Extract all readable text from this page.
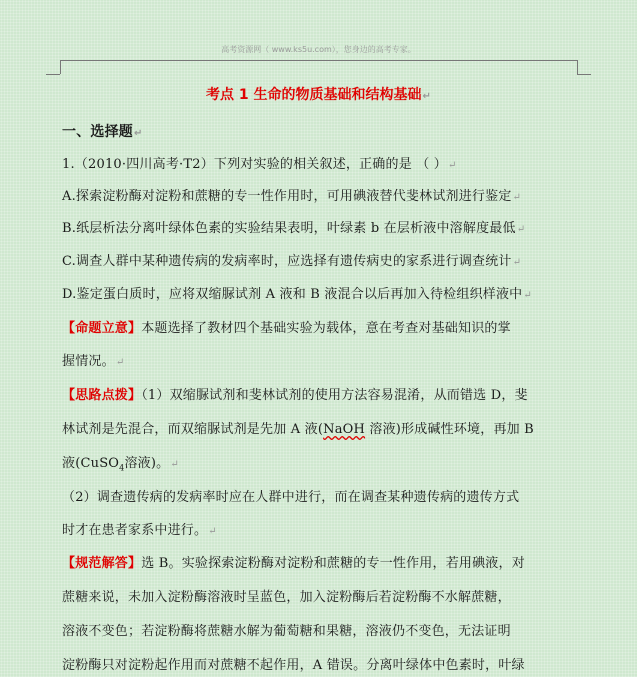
高考资源网（ www.ks5u.com），您身边的高考专家。
考点 1 生命的物质基础和结构基础↵
一、选择题↵
1.（2010·四川高考·T2）下列对实验的相关叙述，正确的是 （ ）↵
A.探索淀粉酶对淀粉和蔗糖的专一性作用时，可用碘液替代斐林试剂进行鉴定↵
B.纸层析法分离叶绿体色素的实验结果表明，叶绿素 b 在层析液中溶解度最低↵
C.调查人群中某种遗传病的发病率时，应选择有遗传病史的家系进行调查统计↵
D.鉴定蛋白质时，应将双缩脲试剂 A 液和 B 液混合以后再加入待检组织样液中↵
【命题立意】本题选择了教材四个基础实验为载体，意在考查对基础知识的掌
握情况。↵
【思路点拨】（1）双缩脲试剂和斐林试剂的使用方法容易混淆，从而错选 D，斐
林试剂是先混合，而双缩脲试剂是先加 A 液(NaOH 溶液)形成碱性环境，再加 B
液(CuSO$_4$溶液)。↵
（2）调查遗传病的发病率时应在人群中进行，而在调查某种遗传病的遗传方式
时才在患者家系中进行。↵
【规范解答】选 B。实验探索淀粉酶对淀粉和蔗糖的专一性作用，若用碘液，对
蔗糖来说，未加入淀粉酶溶液时呈蓝色，加入淀粉酶后若淀粉酶不水解蔗糖，
溶液不变色；若淀粉酶将蔗糖水解为葡萄糖和果糖，溶液仍不变色，无法证明
淀粉酶只对淀粉起作用而对蔗糖不起作用，A 错误。分离叶绿体中色素时，叶绿
